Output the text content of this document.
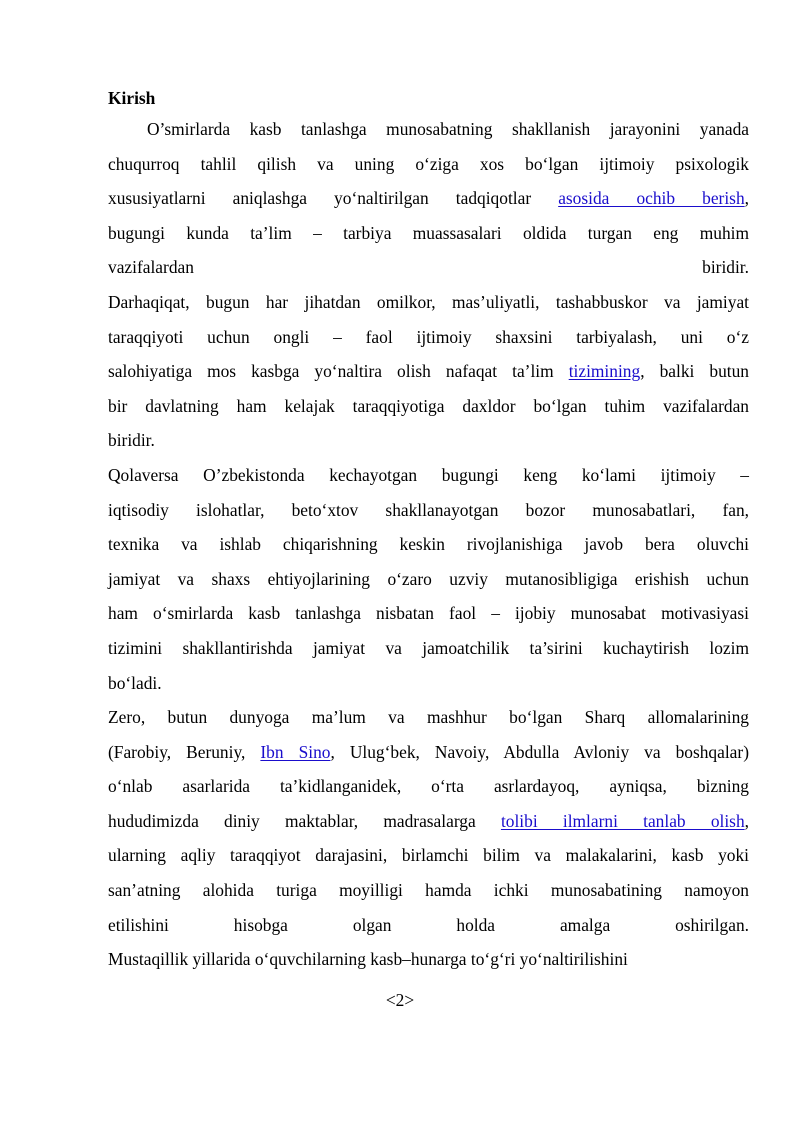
Kirish
O’smirlarda kasb tanlashga munosabatning shakllanish jarayonini yanada
chuqurroq tahlil qilish va uning o‘ziga xos bo‘lgan ijtimoiy psixologik
xususiyatlarni aniqlashga yo‘naltirilgan tadqiqotlar asosida ochib berish,
bugungi kunda ta’lim – tarbiya muassasalari oldida turgan eng muhim
vazifalardan biridir.
Darhaqiqat, bugun har jihatdan omilkor, mas’uliyatli, tashabbuskor va jamiyat
taraqqiyoti uchun ongli – faol ijtimoiy shaxsini tarbiyalash, uni o‘z
salohiyatiga mos kasbga yo‘naltira olish nafaqat ta’lim tizimining, balki butun
bir davlatning ham kelajak taraqqiyotiga daxldor bo‘lgan tuhim vazifalardan
biridir.
Qolaversa O’zbekistonda kechayotgan bugungi keng ko‘lami ijtimoiy –
iqtisodiy islohatlar, beto‘xtov shakllanayotgan bozor munosabatlari, fan,
texnika va ishlab chiqarishning keskin rivojlanishiga javob bera oluvchi
jamiyat va shaxs ehtiyojlarining o‘zaro uzviy mutanosibligiga erishish uchun
ham o‘smirlarda kasb tanlashga nisbatan faol – ijobiy munosabat motivasiyasi
tizimini shakllantirishda jamiyat va jamoatchilik ta’sirini kuchaytirish lozim
bo‘ladi.
Zero, butun dunyoga ma’lum va mashhur bo‘lgan Sharq allomalarining
(Farobiy, Beruniy, Ibn Sino, Ulug‘bek, Navoiy, Abdulla Avloniy va boshqalar)
o‘nlab asarlarida ta’kidlanganidek, o‘rta asrlardayoq, ayniqsa, bizning
hududimizda diniy maktablar, madrasalarga tolibi ilmlarni tanlab olish,
ularning aqliy taraqqiyot darajasini, birlamchi bilim va malakalarini, kasb yoki
san’atning alohida turiga moyilligi hamda ichki munosabatining namoyon
etilishini hisobga olgan holda amalga oshirilgan.
Mustaqillik yillarida o‘quvchilarning kasb–hunarga to‘g‘ri yo‘naltirilishini
<2>
